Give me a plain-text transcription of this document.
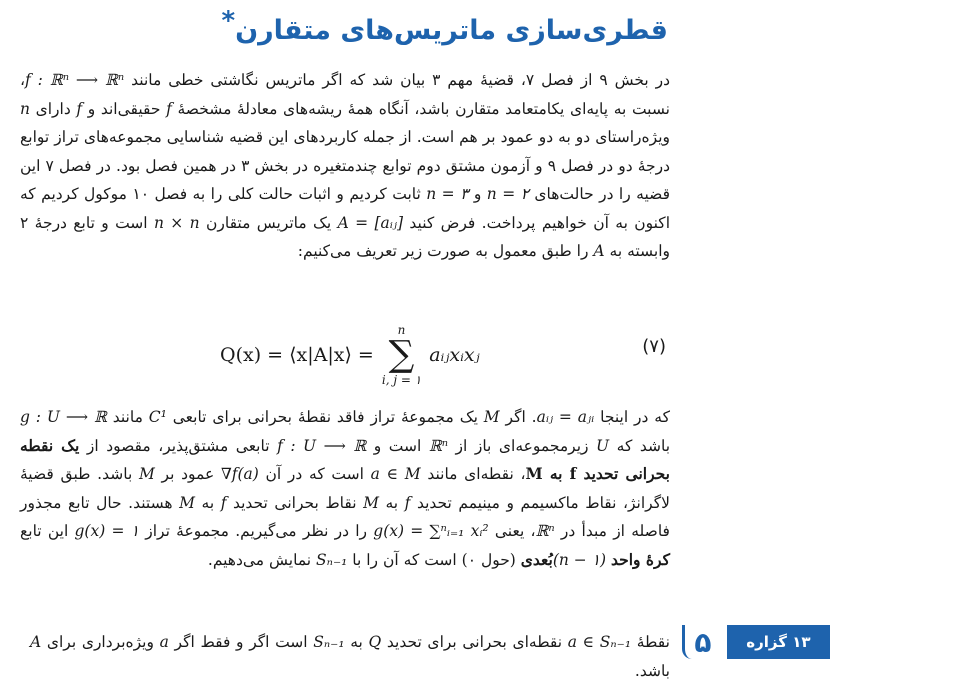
قطری‌سازی ماتریس‌های متقارن*

در بخش ۹ از فصل ۷، قضیهٔ مهم ۳ بیان شد که اگر ماتریس نگاشتی خطی مانند f : ℝⁿ ⟶ ℝⁿ، نسبت به پایه‌ای یکامتعامد متقارن باشد، آنگاه همهٔ ریشه‌های معادلهٔ مشخصهٔ f حقیقی‌اند و f دارای n ویژه‌راستای دو به دو عمود بر هم است. از جمله کاربردهای این قضیه شناسایی مجموعه‌های تراز توابع درجهٔ دو در فصل ۹ و آزمون مشتق دوم توابع چندمتغیره در بخش ۳ در همین فصل بود. در فصل ۷ این قضیه را در حالت‌های n = ۲ و n = ۳ ثابت کردیم و اثبات حالت کلی را به فصل ۱۰ موکول کردیم که اکنون به آن خواهیم پرداخت. فرض کنید A = [aᵢⱼ] یک ماتریس متقارن n × n است و تابع درجهٔ ۲ وابسته به A را طبق معمول به صورت زیر تعریف می‌کنیم:

Q(x) = ⟨x|A|x⟩ =
n
∑
i, j = ۱
aᵢⱼxᵢxⱼ	(۷)

که در اینجا aᵢⱼ = aⱼᵢ. اگر M یک مجموعهٔ تراز فاقد نقطهٔ بحرانی برای تابعی C¹ مانند g : U ⟶ ℝ باشد که U زیرمجموعه‌ای باز از ℝⁿ است و f : U ⟶ ℝ تابعی مشتق‌پذیر، مقصود از یک نقطه بحرانی تحدید f به M، نقطه‌ای مانند a ∈ M است که در آن ∇f(a) عمود بر M باشد. طبق قضیهٔ لاگرانژ، نقاط ماکسیمم و مینیمم تحدید f به M نقاط بحرانی تحدید f به M هستند. حال تابع مجذور فاصله از مبدأ در ℝⁿ، یعنی g(x) = ∑ⁿᵢ₌₁ xᵢ² را در نظر می‌گیریم. مجموعهٔ تراز g(x) = ۱ این تابع کرهٔ واحد (n − ۱)بُعدی (حول ۰) است که آن را با Sₙ₋₁ نمایش می‌دهیم.

۱۳ گزاره
۵

نقطهٔ a ∈ Sₙ₋₁ نقطه‌ای بحرانی برای تحدید Q به Sₙ₋₁ است اگر و فقط اگر a ویژه‌برداری برای A باشد.
